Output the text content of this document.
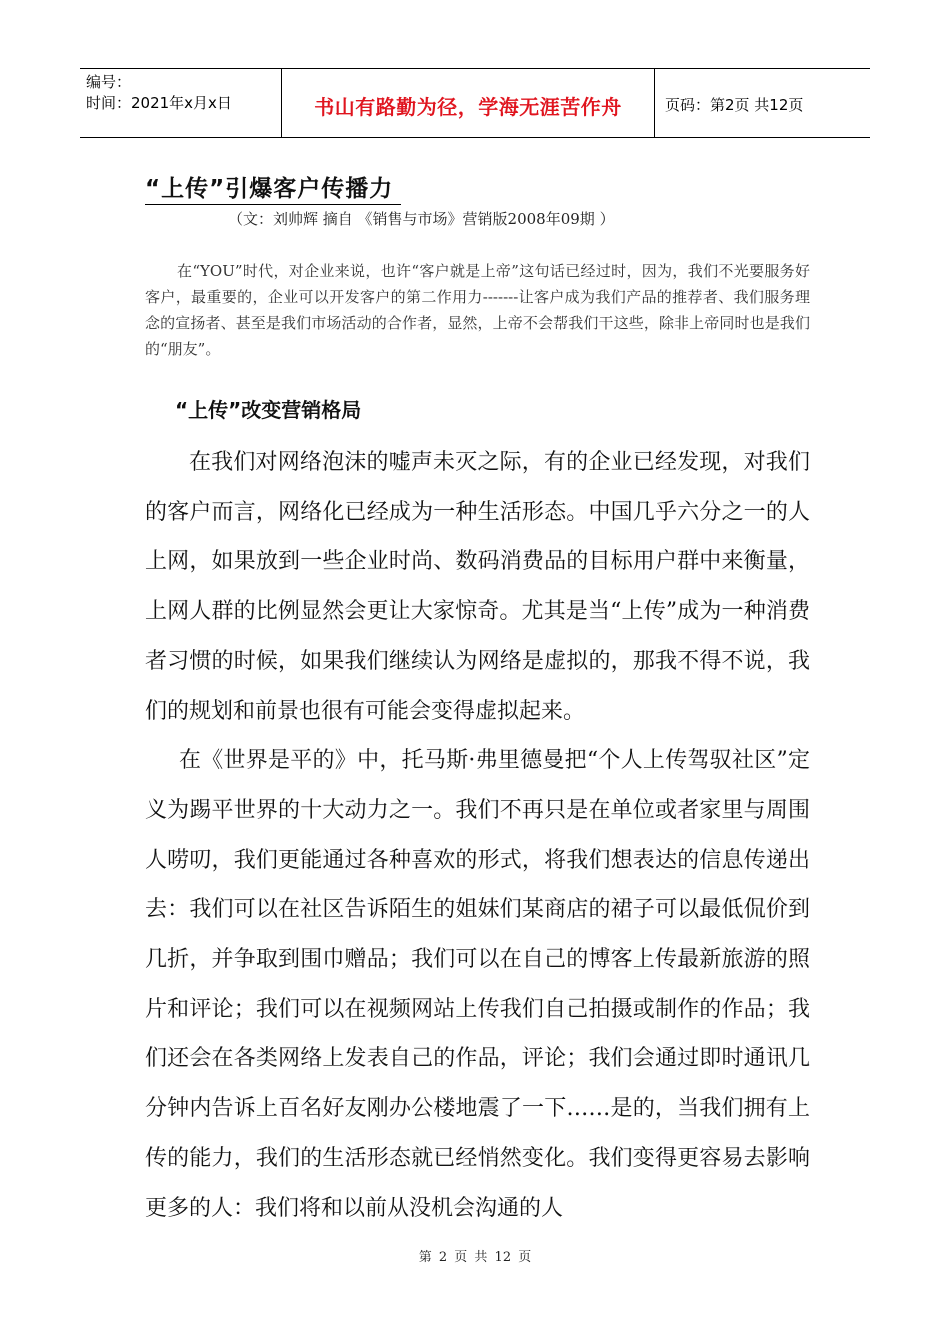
编号：
时间：2021年x月x日	书山有路勤为径，学海无涯苦作舟	页码：第2页 共12页
“上传”引爆客户传播力
（文：刘帅辉 摘自 《销售与市场》营销版2008年09期 ）
在“YOU”时代，对企业来说，也许“客户就是上帝”这句话已经过时，因为，我们不光要服务好客户，最重要的，企业可以开发客户的第二作用力-------让客户成为我们产品的推荐者、我们服务理念的宣扬者、甚至是我们市场活动的合作者，显然，上帝不会帮我们干这些，除非上帝同时也是我们的“朋友”。
“上传”改变营销格局

在我们对网络泡沫的嘘声未灭之际，有的企业已经发现，对我们的客户而言，网络化已经成为一种生活形态。中国几乎六分之一的人上网，如果放到一些企业时尚、数码消费品的目标用户群中来衡量，上网人群的比例显然会更让大家惊奇。尤其是当“上传”成为一种消费者习惯的时候，如果我们继续认为网络是虚拟的，那我不得不说，我们的规划和前景也很有可能会变得虚拟起来。

在《世界是平的》中，托马斯·弗里德曼把“个人上传驾驭社区”定义为踢平世界的十大动力之一。我们不再只是在单位或者家里与周围人唠叨，我们更能通过各种喜欢的形式，将我们想表达的信息传递出去：我们可以在社区告诉陌生的姐妹们某商店的裙子可以最低侃价到几折，并争取到围巾赠品；我们可以在自己的博客上传最新旅游的照片和评论；我们可以在视频网站上传我们自己拍摄或制作的作品；我们还会在各类网络上发表自己的作品，评论；我们会通过即时通讯几分钟内告诉上百名好友刚办公楼地震了一下……是的，当我们拥有上传的能力，我们的生活形态就已经悄然变化。我们变得更容易去影响更多的人：我们将和以前从没机会沟通的人

第 2 页 共 12 页
